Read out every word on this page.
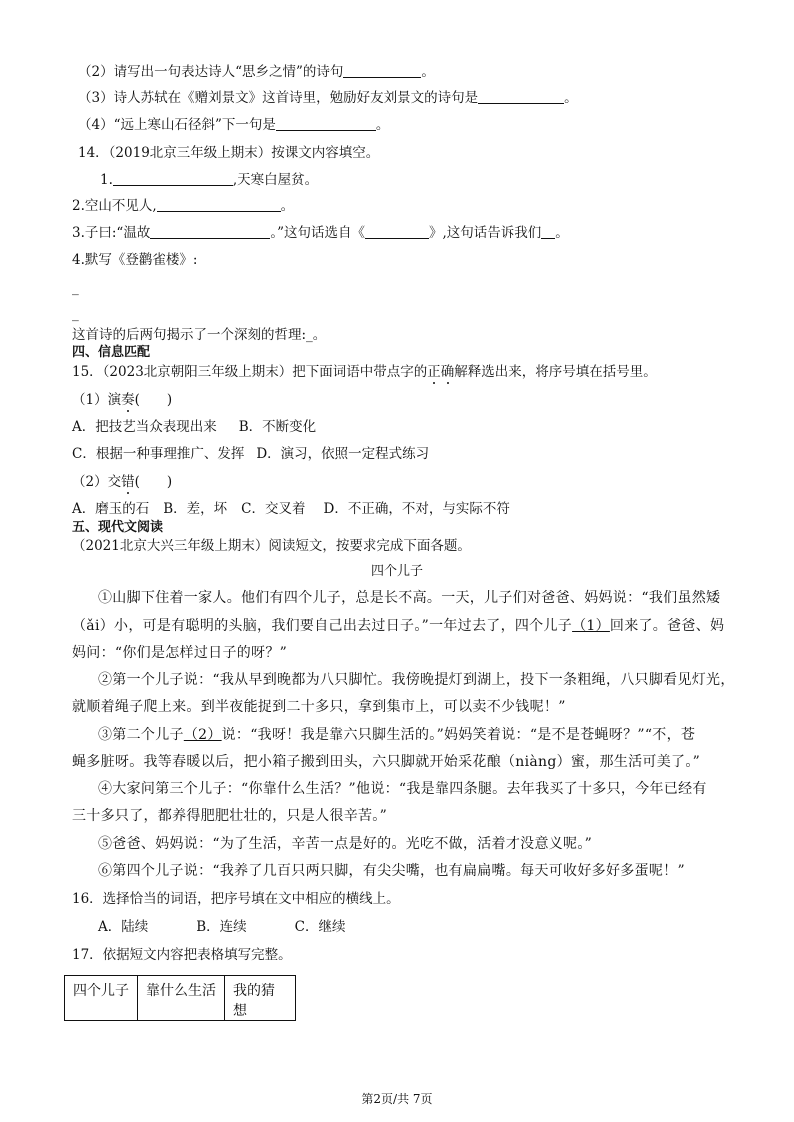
（2）请写出一句表达诗人“思乡之情”的诗句	。
（3）诗人苏轼在《赠刘景文》这首诗里，勉励好友刘景文的诗句是	。
（4）“远上寒山石径斜”下一句是	。
14．（2019北京三年级上期末）按课文内容填空。
1.	,天寒白屋贫。
2.空山不见人,	。
3.子曰:“温故	。”这句话选自《	》,这句话告诉我们 。
4.默写《登鹳雀楼》:
_
_
这首诗的后两句揭示了一个深刻的哲理:_。
四、信息匹配
15．（2023北京朝阳三年级上期末）把下面词语中带点字的正确解释选出来，将序号填在括号里。
（1）演奏(　　)
A．把技艺当众表现出来 B．不断变化
C．根据一种事理推广、发挥 D．演习，依照一定程式练习
（2）交错(　　)
A．磨玉的石 B．差，坏 C．交叉着 D．不正确，不对，与实际不符
五、现代文阅读
（2021北京大兴三年级上期末）阅读短文，按要求完成下面各题。
四个儿子
①山脚下住着一家人。他们有四个儿子，总是长不高。一天，儿子们对爸爸、妈妈说：“我们虽然矮
（ǎi）小，可是有聪明的头脑，我们要自己出去过日子。”一年过去了，四个儿子（1）回来了。爸爸、妈
妈问：“你们是怎样过日子的呀？”
②第一个儿子说：“我从早到晚都为八只脚忙。我傍晚提灯到湖上，投下一条粗绳，八只脚看见灯光，
就顺着绳子爬上来。到半夜能捉到二十多只，拿到集市上，可以卖不少钱呢！”
③第二个儿子（2）说：“我呀！我是靠六只脚生活的。”妈妈笑着说：“是不是苍蝇呀？”“不，苍
蝇多脏呀。我等春暖以后，把小箱子搬到田头，六只脚就开始采花酿（niàng）蜜，那生活可美了。”
④大家问第三个儿子：“你靠什么生活？”他说：“我是靠四条腿。去年我买了十多只，今年已经有
三十多只了，都养得肥肥壮壮的，只是人很辛苦。”
⑤爸爸、妈妈说：“为了生活，辛苦一点是好的。光吃不做，活着才没意义呢。”
⑥第四个儿子说：“我养了几百只两只脚，有尖尖嘴，也有扁扁嘴。每天可收好多好多蛋呢！”
16．选择恰当的词语，把序号填在文中相应的横线上。
A．陆续	B．连续	C．继续
17．依据短文内容把表格填写完整。
四个儿子	靠什么生活	我的猜想
第2页/共 7页
